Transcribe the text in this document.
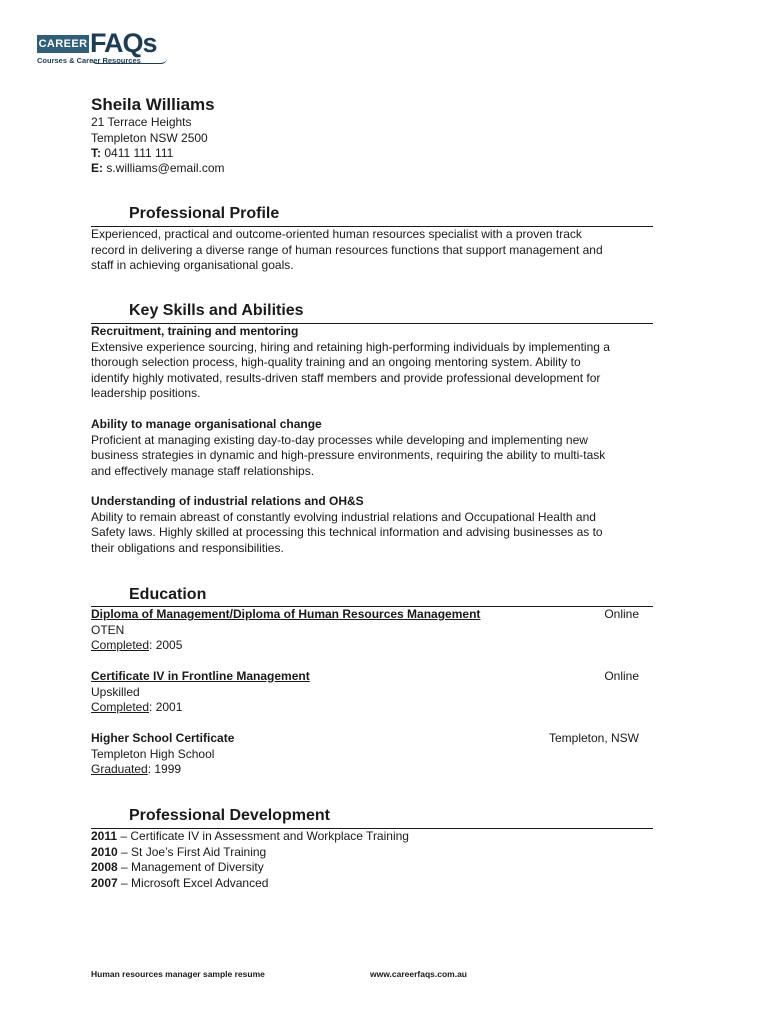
CAREER FAQs
Courses & Career Resources
Sheila Williams
21 Terrace Heights
Templeton NSW 2500
T: 0411 111 111
E: s.williams@email.com
Professional Profile
Experienced, practical and outcome-oriented human resources specialist with a proven track
record in delivering a diverse range of human resources functions that support management and
staff in achieving organisational goals.
Key Skills and Abilities
Recruitment, training and mentoring
Extensive experience sourcing, hiring and retaining high-performing individuals by implementing a
thorough selection process, high-quality training and an ongoing mentoring system. Ability to
identify highly motivated, results-driven staff members and provide professional development for
leadership positions.
Ability to manage organisational change
Proficient at managing existing day-to-day processes while developing and implementing new
business strategies in dynamic and high-pressure environments, requiring the ability to multi-task
and effectively manage staff relationships.
Understanding of industrial relations and OH&S
Ability to remain abreast of constantly evolving industrial relations and Occupational Health and
Safety laws. Highly skilled at processing this technical information and advising businesses as to
their obligations and responsibilities.
Education
Diploma of Management/Diploma of Human Resources Management	Online
OTEN
Completed: 2005
Certificate IV in Frontline Management	Online
Upskilled
Completed: 2001
Higher School Certificate	Templeton, NSW
Templeton High School
Graduated: 1999
Professional Development
2011 – Certificate IV in Assessment and Workplace Training
2010 – St Joe’s First Aid Training
2008 – Management of Diversity
2007 – Microsoft Excel Advanced
Human resources manager sample resume	www.careerfaqs.com.au
